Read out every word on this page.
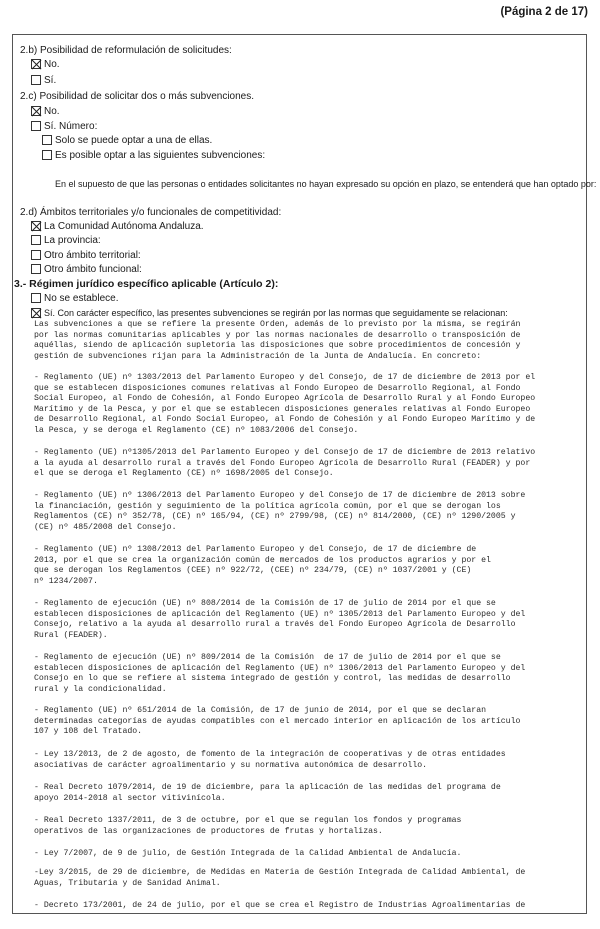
(Página 2 de 17)
2.b) Posibilidad de reformulación de solicitudes:
No.
Sí.
2.c) Posibilidad de solicitar dos o más subvenciones.
No.
Sí. Número:
Solo se puede optar a una de ellas.
Es posible optar a las siguientes subvenciones:
En el supuesto de que las personas o entidades solicitantes no hayan expresado su opción en plazo, se entenderá que han optado por:
2.d) Ámbitos territoriales y/o funcionales de competitividad:
La Comunidad Autónoma Andaluza.
La provincia:
Otro ámbito territorial:
Otro ámbito funcional:
3.- Régimen jurídico específico aplicable (Artículo 2):
No se establece.
Sí. Con carácter específico, las presentes subvenciones se regirán por las normas que seguidamente se relacionan:
Las subvenciones a que se refiere la presente Orden, además de lo previsto por la misma, se regirán
por las normas comunitarias aplicables y por las normas nacionales de desarrollo o transposición de
aquéllas, siendo de aplicación supletoria las disposiciones que sobre procedimientos de concesión y
gestión de subvenciones rijan para la Administración de la Junta de Andalucía. En concreto:
- Reglamento (UE) nº 1303/2013 del Parlamento Europeo y del Consejo, de 17 de diciembre de 2013 por el
que se establecen disposiciones comunes relativas al Fondo Europeo de Desarrollo Regional, al Fondo
Social Europeo, al Fondo de Cohesión, al Fondo Europeo Agrícola de Desarrollo Rural y al Fondo Europeo
Marítimo y de la Pesca, y por el que se establecen disposiciones generales relativas al Fondo Europeo
de Desarrollo Regional, al Fondo Social Europeo, al Fondo de Cohesión y al Fondo Europeo Marítimo y de
la Pesca, y se deroga el Reglamento (CE) nº 1083/2006 del Consejo.
- Reglamento (UE) nº1305/2013 del Parlamento Europeo y del Consejo de 17 de diciembre de 2013 relativo
a la ayuda al desarrollo rural a través del Fondo Europeo Agrícola de Desarrollo Rural (FEADER) y por
el que se deroga el Reglamento (CE) nº 1698/2005 del Consejo.
- Reglamento (UE) nº 1306/2013 del Parlamento Europeo y del Consejo de 17 de diciembre de 2013 sobre
la financiación, gestión y seguimiento de la política agrícola común, por el que se derogan los
Reglamentos (CE) nº 352/78, (CE) nº 165/94, (CE) nº 2799/98, (CE) nº 814/2000, (CE) nº 1290/2005 y
(CE) nº 485/2008 del Consejo.
- Reglamento (UE) nº 1308/2013 del Parlamento Europeo y del Consejo, de 17 de diciembre de
2013, por el que se crea la organización común de mercados de los productos agrarios y por el
que se derogan los Reglamentos (CEE) nº 922/72, (CEE) nº 234/79, (CE) nº 1037/2001 y (CE)
nº 1234/2007.
- Reglamento de ejecución (UE) nº 808/2014 de la Comisión de 17 de julio de 2014 por el que se
establecen disposiciones de aplicación del Reglamento (UE) nº 1305/2013 del Parlamento Europeo y del
Consejo, relativo a la ayuda al desarrollo rural a través del Fondo Europeo Agrícola de Desarrollo
Rural (FEADER).
- Reglamento de ejecución (UE) nº 809/2014 de la Comisión  de 17 de julio de 2014 por el que se
establecen disposiciones de aplicación del Reglamento (UE) nº 1306/2013 del Parlamento Europeo y del
Consejo en lo que se refiere al sistema integrado de gestión y control, las medidas de desarrollo
rural y la condicionalidad.
- Reglamento (UE) nº 651/2014 de la Comisión, de 17 de junio de 2014, por el que se declaran
determinadas categorías de ayudas compatibles con el mercado interior en aplicación de los artículo
107 y 108 del Tratado.
- Ley 13/2013, de 2 de agosto, de fomento de la integración de cooperativas y de otras entidades
asociativas de carácter agroalimentario y su normativa autonómica de desarrollo.
- Real Decreto 1079/2014, de 19 de diciembre, para la aplicación de las medidas del programa de
apoyo 2014-2018 al sector vitivinícola.
- Real Decreto 1337/2011, de 3 de octubre, por el que se regulan los fondos y programas
operativos de las organizaciones de productores de frutas y hortalizas.
- Ley 7/2007, de 9 de julio, de Gestión Integrada de la Calidad Ambiental de Andalucía.
-Ley 3/2015, de 29 de diciembre, de Medidas en Materia de Gestión Integrada de Calidad Ambiental, de
Aguas, Tributaria y de Sanidad Animal.
- Decreto 173/2001, de 24 de julio, por el que se crea el Registro de Industrias Agroalimentarias de
